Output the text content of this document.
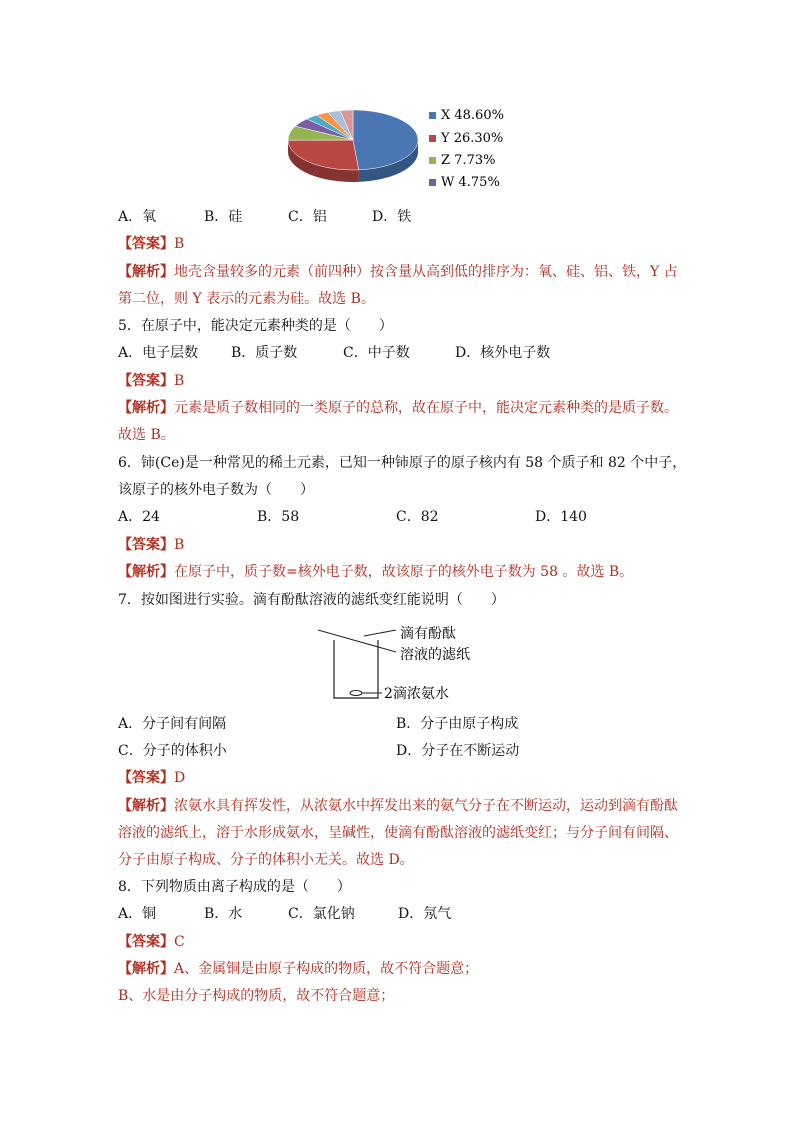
X 48.60%
Y 26.30%
Z 7.73%
W 4.75%
A．氧	B．硅	C．铝	D．铁
【答案】B
【解析】地壳含量较多的元素（前四种）按含量从高到低的排序为：氧、硅、铝、铁，Y 占
第二位，则 Y 表示的元素为硅。故选 B。
5．在原子中，能决定元素种类的是（　　）
A．电子层数 B．质子数	C．中子数	D．核外电子数
【答案】B
【解析】元素是质子数相同的一类原子的总称，故在原子中，能决定元素种类的是质子数。
故选 B。
6．铈(Ce)是一种常见的稀土元素，已知一种铈原子的原子核内有 58 个质子和 82 个中子，
该原子的核外电子数为（　　）
A．24	B．58	C．82	D．140
【答案】B
【解析】在原子中，质子数=核外电子数，故该原子的核外电子数为 58 。故选 B。
7．按如图进行实验。滴有酚酞溶液的滤纸变红能说明（　　）
滴有酚酞
溶液的滤纸
2滴浓氨水
A．分子间有间隔	B．分子由原子构成
C．分子的体积小	D．分子在不断运动
【答案】D
【解析】浓氨水具有挥发性，从浓氨水中挥发出来的氨气分子在不断运动，运动到滴有酚酞
溶液的滤纸上，溶于水形成氨水，呈碱性，使滴有酚酞溶液的滤纸变红；与分子间有间隔、
分子由原子构成、分子的体积小无关。故选 D。
8．下列物质由离子构成的是（　　）
A．铜	B．水	C．氯化钠	D．氖气
【答案】C
【解析】A、金属铜是由原子构成的物质，故不符合题意；
B、水是由分子构成的物质，故不符合题意；
